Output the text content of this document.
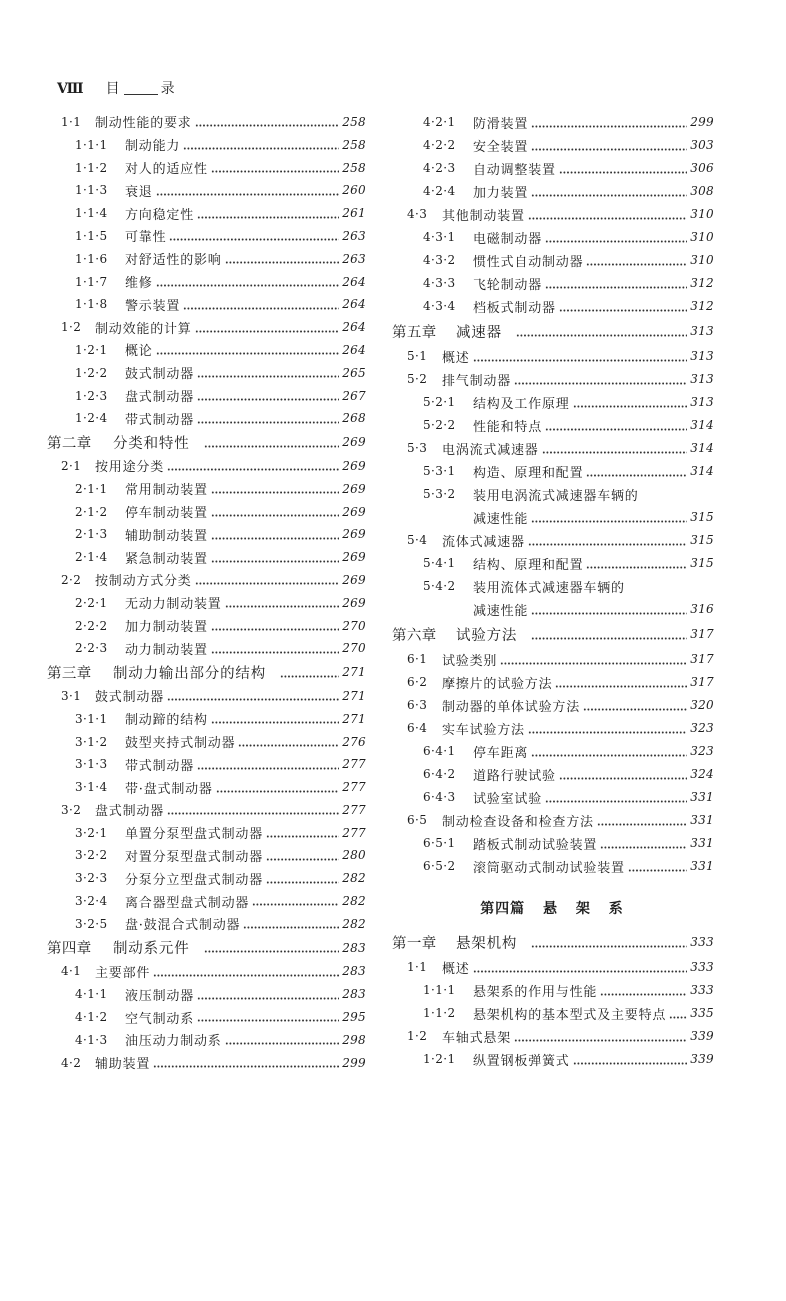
Ⅷ 目	录
1·1	制动性能的要求	258
1·1·1	制动能力	258
1·1·2	对人的适应性	258
1·1·3	衰退	260
1·1·4	方向稳定性	261
1·1·5	可靠性	263
1·1·6	对舒适性的影响	263
1·1·7	维修	264
1·1·8	警示装置	264
1·2	制动效能的计算	264
1·2·1	概论	264
1·2·2	鼓式制动器	265
1·2·3	盘式制动器	267
1·2·4	带式制动器	268
第二章	分类和特性	269
2·1	按用途分类	269
2·1·1	常用制动装置	269
2·1·2	停车制动装置	269
2·1·3	辅助制动装置	269
2·1·4	紧急制动装置	269
2·2	按制动方式分类	269
2·2·1	无动力制动装置	269
2·2·2	加力制动装置	270
2·2·3	动力制动装置	270
第三章	制动力输出部分的结构	271
3·1	鼓式制动器	271
3·1·1	制动蹄的结构	271
3·1·2	鼓型夹持式制动器	276
3·1·3	带式制动器	277
3·1·4	带·盘式制动器	277
3·2	盘式制动器	277
3·2·1	单置分泵型盘式制动器	277
3·2·2	对置分泵型盘式制动器	280
3·2·3	分泵分立型盘式制动器	282
3·2·4	离合器型盘式制动器	282
3·2·5	盘·鼓混合式制动器	282
第四章	制动系元件	283
4·1	主要部件	283
4·1·1	液压制动器	283
4·1·2	空气制动系	295
4·1·3	油压动力制动系	298
4·2	辅助装置	299
4·2·1	防滑装置	299
4·2·2	安全装置	303
4·2·3	自动调整装置	306
4·2·4	加力装置	308
4·3	其他制动装置	310
4·3·1	电磁制动器	310
4·3·2	惯性式自动制动器	310
4·3·3	飞轮制动器	312
4·3·4	档板式制动器	312
第五章	减速器	313
5·1	概述	313
5·2	排气制动器	313
5·2·1	结构及工作原理	313
5·2·2	性能和特点	314
5·3	电涡流式减速器	314
5·3·1	构造、原理和配置	314
5·3·2	装用电涡流式减速器车辆的
减速性能	315
5·4	流体式减速器	315
5·4·1	结构、原理和配置	315
5·4·2	装用流体式减速器车辆的
减速性能	316
第六章	试验方法	317
6·1	试验类别	317
6·2	摩擦片的试验方法	317
6·3	制动器的单体试验方法	320
6·4	实车试验方法	323
6·4·1	停车距离	323
6·4·2	道路行驶试验	324
6·4·3	试验室试验	331
6·5	制动检查设备和检查方法	331
6·5·1	踏板式制动试验装置	331
6·5·2	滚筒驱动式制动试验装置	331
第四篇 悬 架 系
第一章	悬架机构	333
1·1	概述	333
1·1·1	悬架系的作用与性能	333
1·1·2	悬架机构的基本型式及主要特点 335
1·2	车轴式悬架	339
1·2·1	纵置钢板弹簧式	339
